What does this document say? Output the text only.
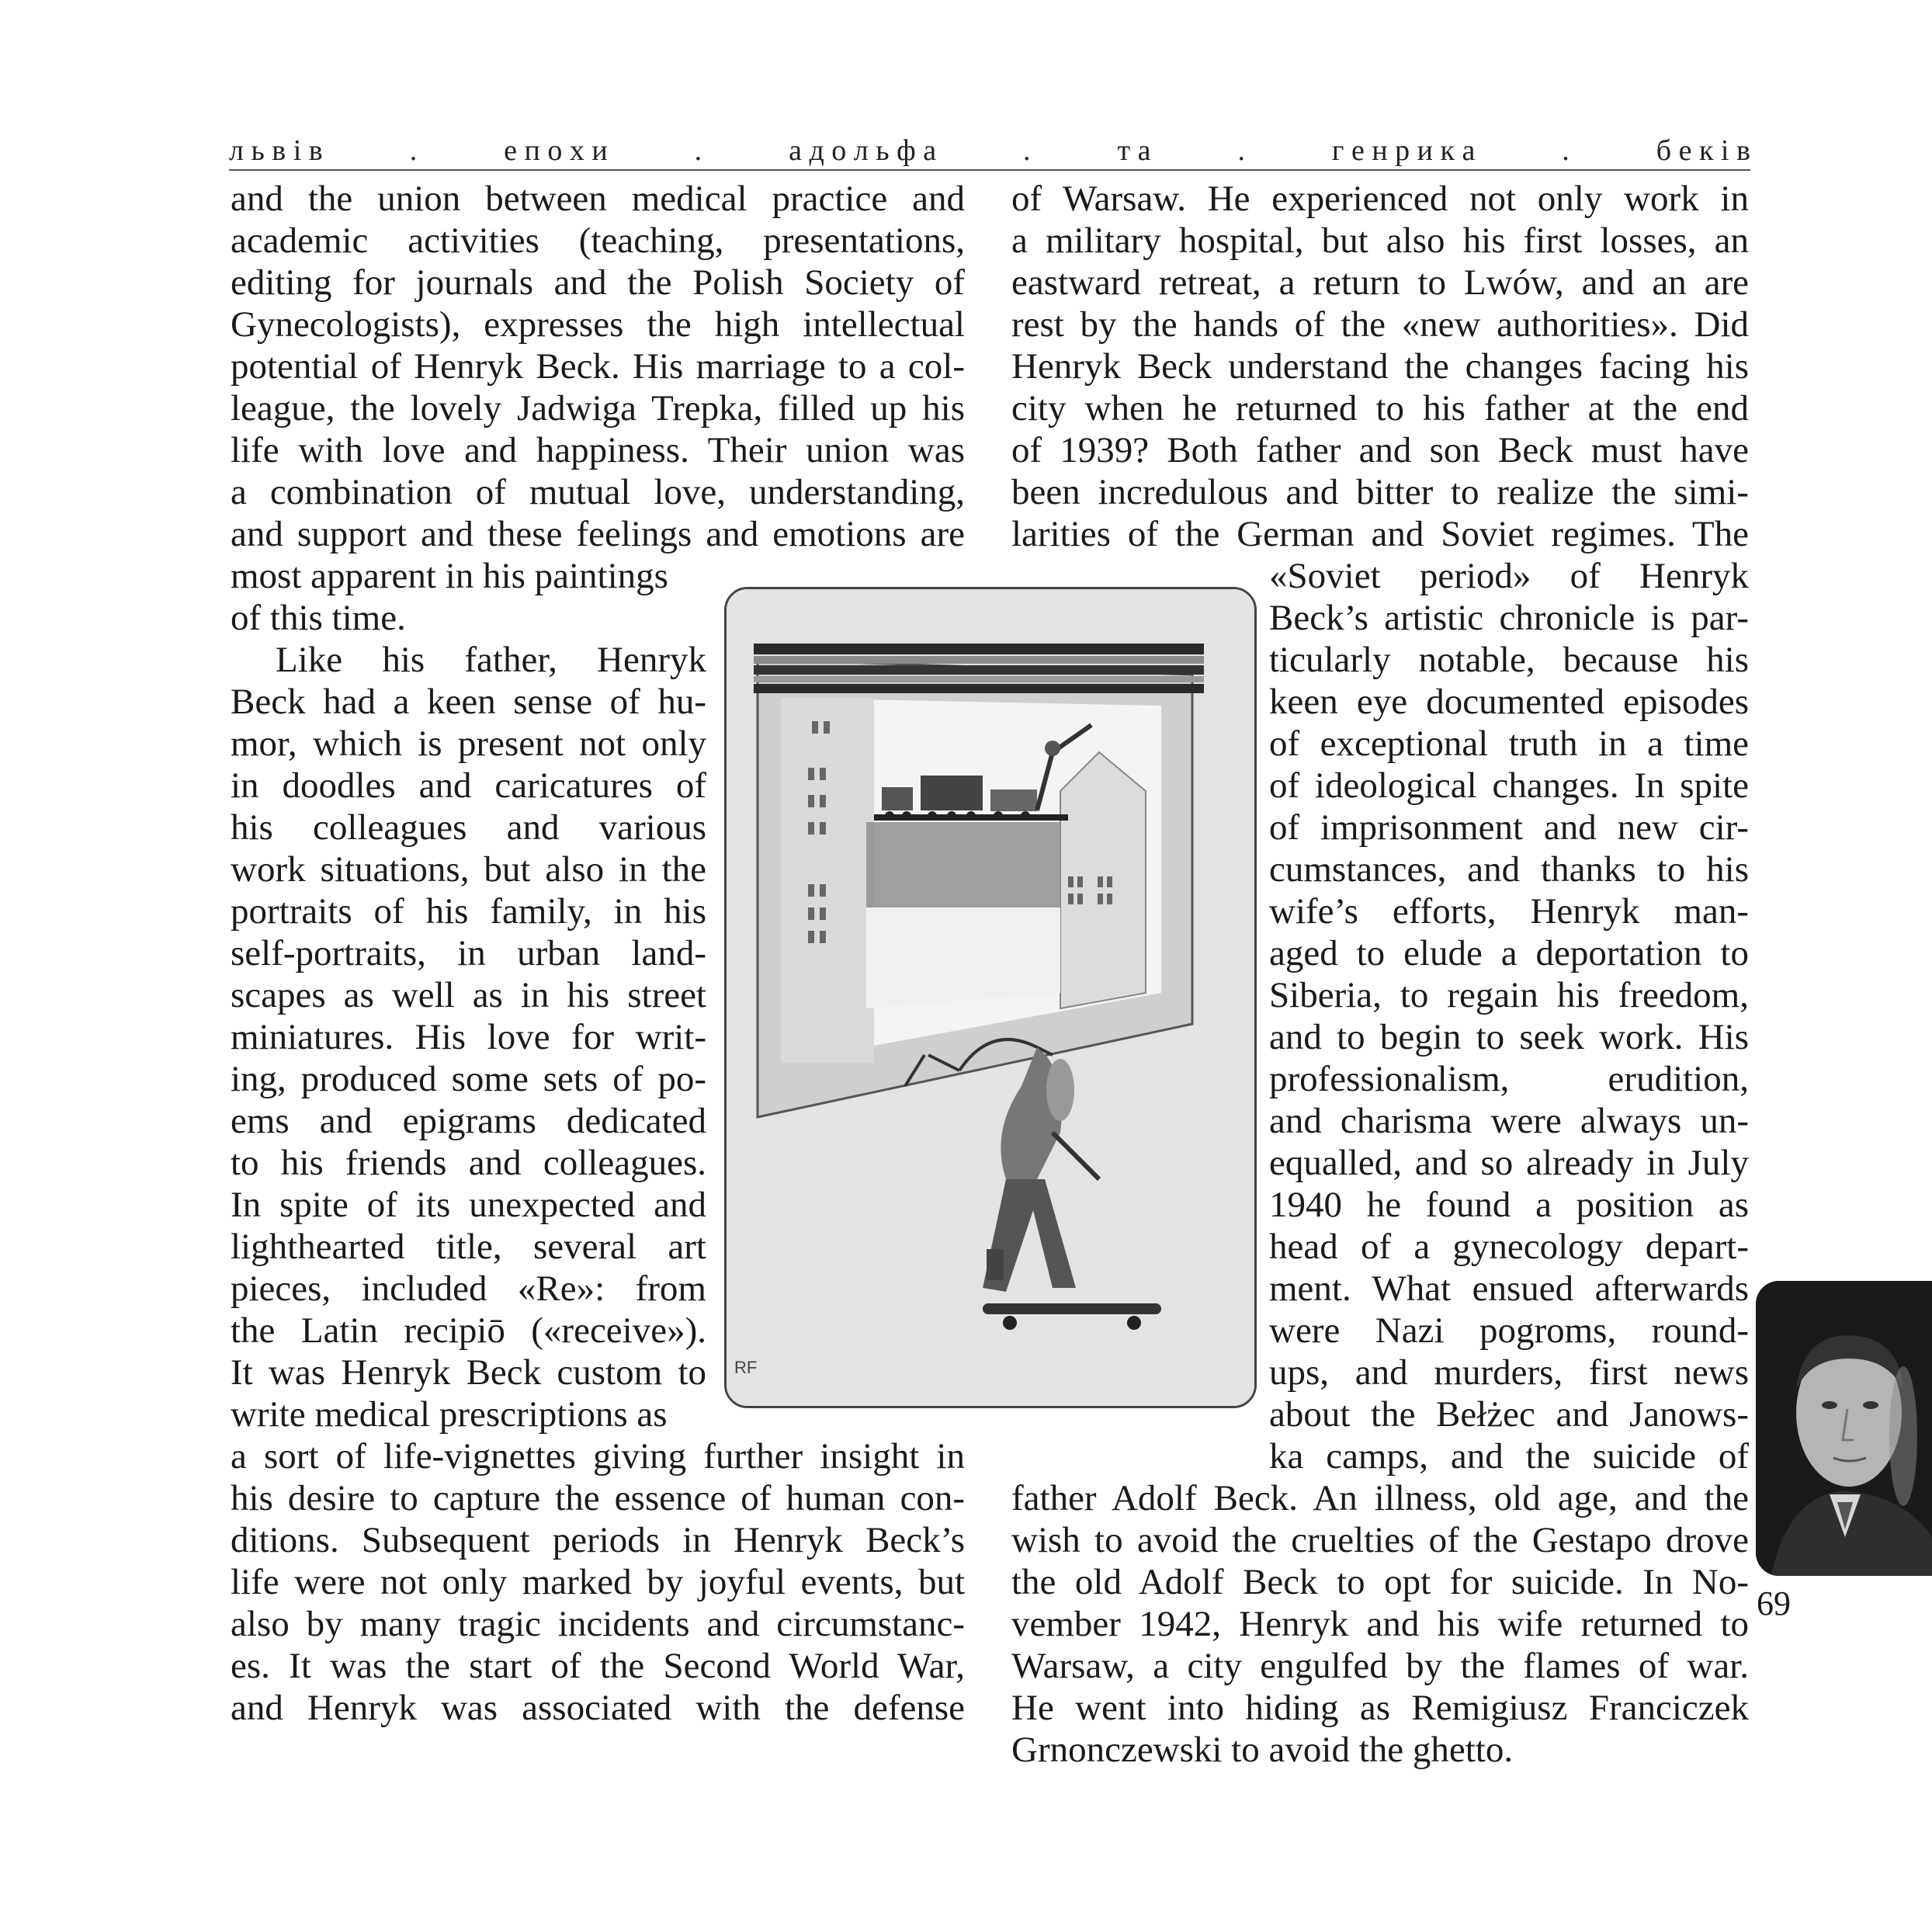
л ь в і в	.	е п о х и	.	а д о л ь ф а	.	т а	.	г е н р и к а	.	б е к і в
and the union between medical practice and
academic activities (teaching, presentations,
editing for journals and the Polish Society of
Gynecologists), expresses the high intellectual
potential of Henryk Beck. His marriage to a col-
league, the lovely Jadwiga Trepka, filled up his
life with love and happiness. Their union was
a combination of mutual love, understanding,
and support and these feelings and emotions are
most apparent in his paintings
of this time.
Like his father, Henryk
Beck had a keen sense of hu-
mor, which is present not only
in doodles and caricatures of
his colleagues and various
work situations, but also in the
portraits of his family, in his
self-portraits, in urban land-
scapes as well as in his street
miniatures. His love for writ-
ing, produced some sets of po-
ems and epigrams dedicated
to his friends and colleagues.
In spite of its unexpected and
lighthearted title, several art
pieces, included «Re»: from
the Latin recipiō («receive»).
It was Henryk Beck custom to
write medical prescriptions as
a sort of life-vignettes giving further insight in
his desire to capture the essence of human con-
ditions. Subsequent periods in Henryk Beck’s
life were not only marked by joyful events, but
also by many tragic incidents and circumstanc-
es. It was the start of the Second World War,
and Henryk was associated with the defense
of Warsaw. He experienced not only work in
a military hospital, but also his first losses, an
eastward retreat, a return to Lwów, and an are
rest by the hands of the «new authorities». Did
Henryk Beck understand the changes facing his
city when he returned to his father at the end
of 1939? Both father and son Beck must have
been incredulous and bitter to realize the simi-
larities of the German and Soviet regimes. The
«Soviet period» of Henryk
Beck’s artistic chronicle is par-
ticularly notable, because his
keen eye documented episodes
of exceptional truth in a time
of ideological changes. In spite
of imprisonment and new cir-
cumstances, and thanks to his
wife’s efforts, Henryk man-
aged to elude a deportation to
Siberia, to regain his freedom,
and to begin to seek work. His
professionalism, erudition,
and charisma were always un-
equalled, and so already in July
1940 he found a position as
head of a gynecology depart-
ment. What ensued afterwards
were Nazi pogroms, round-
ups, and murders, first news
about the Bełżec and Janows-
ka camps, and the suicide of
father Adolf Beck. An illness, old age, and the
wish to avoid the cruelties of the Gestapo drove
the old Adolf Beck to opt for suicide. In No-
vember 1942, Henryk and his wife returned to
Warsaw, a city engulfed by the flames of war.
He went into hiding as Remigiusz Franciczek
Grnonczewski to avoid the ghetto.
RF
69
